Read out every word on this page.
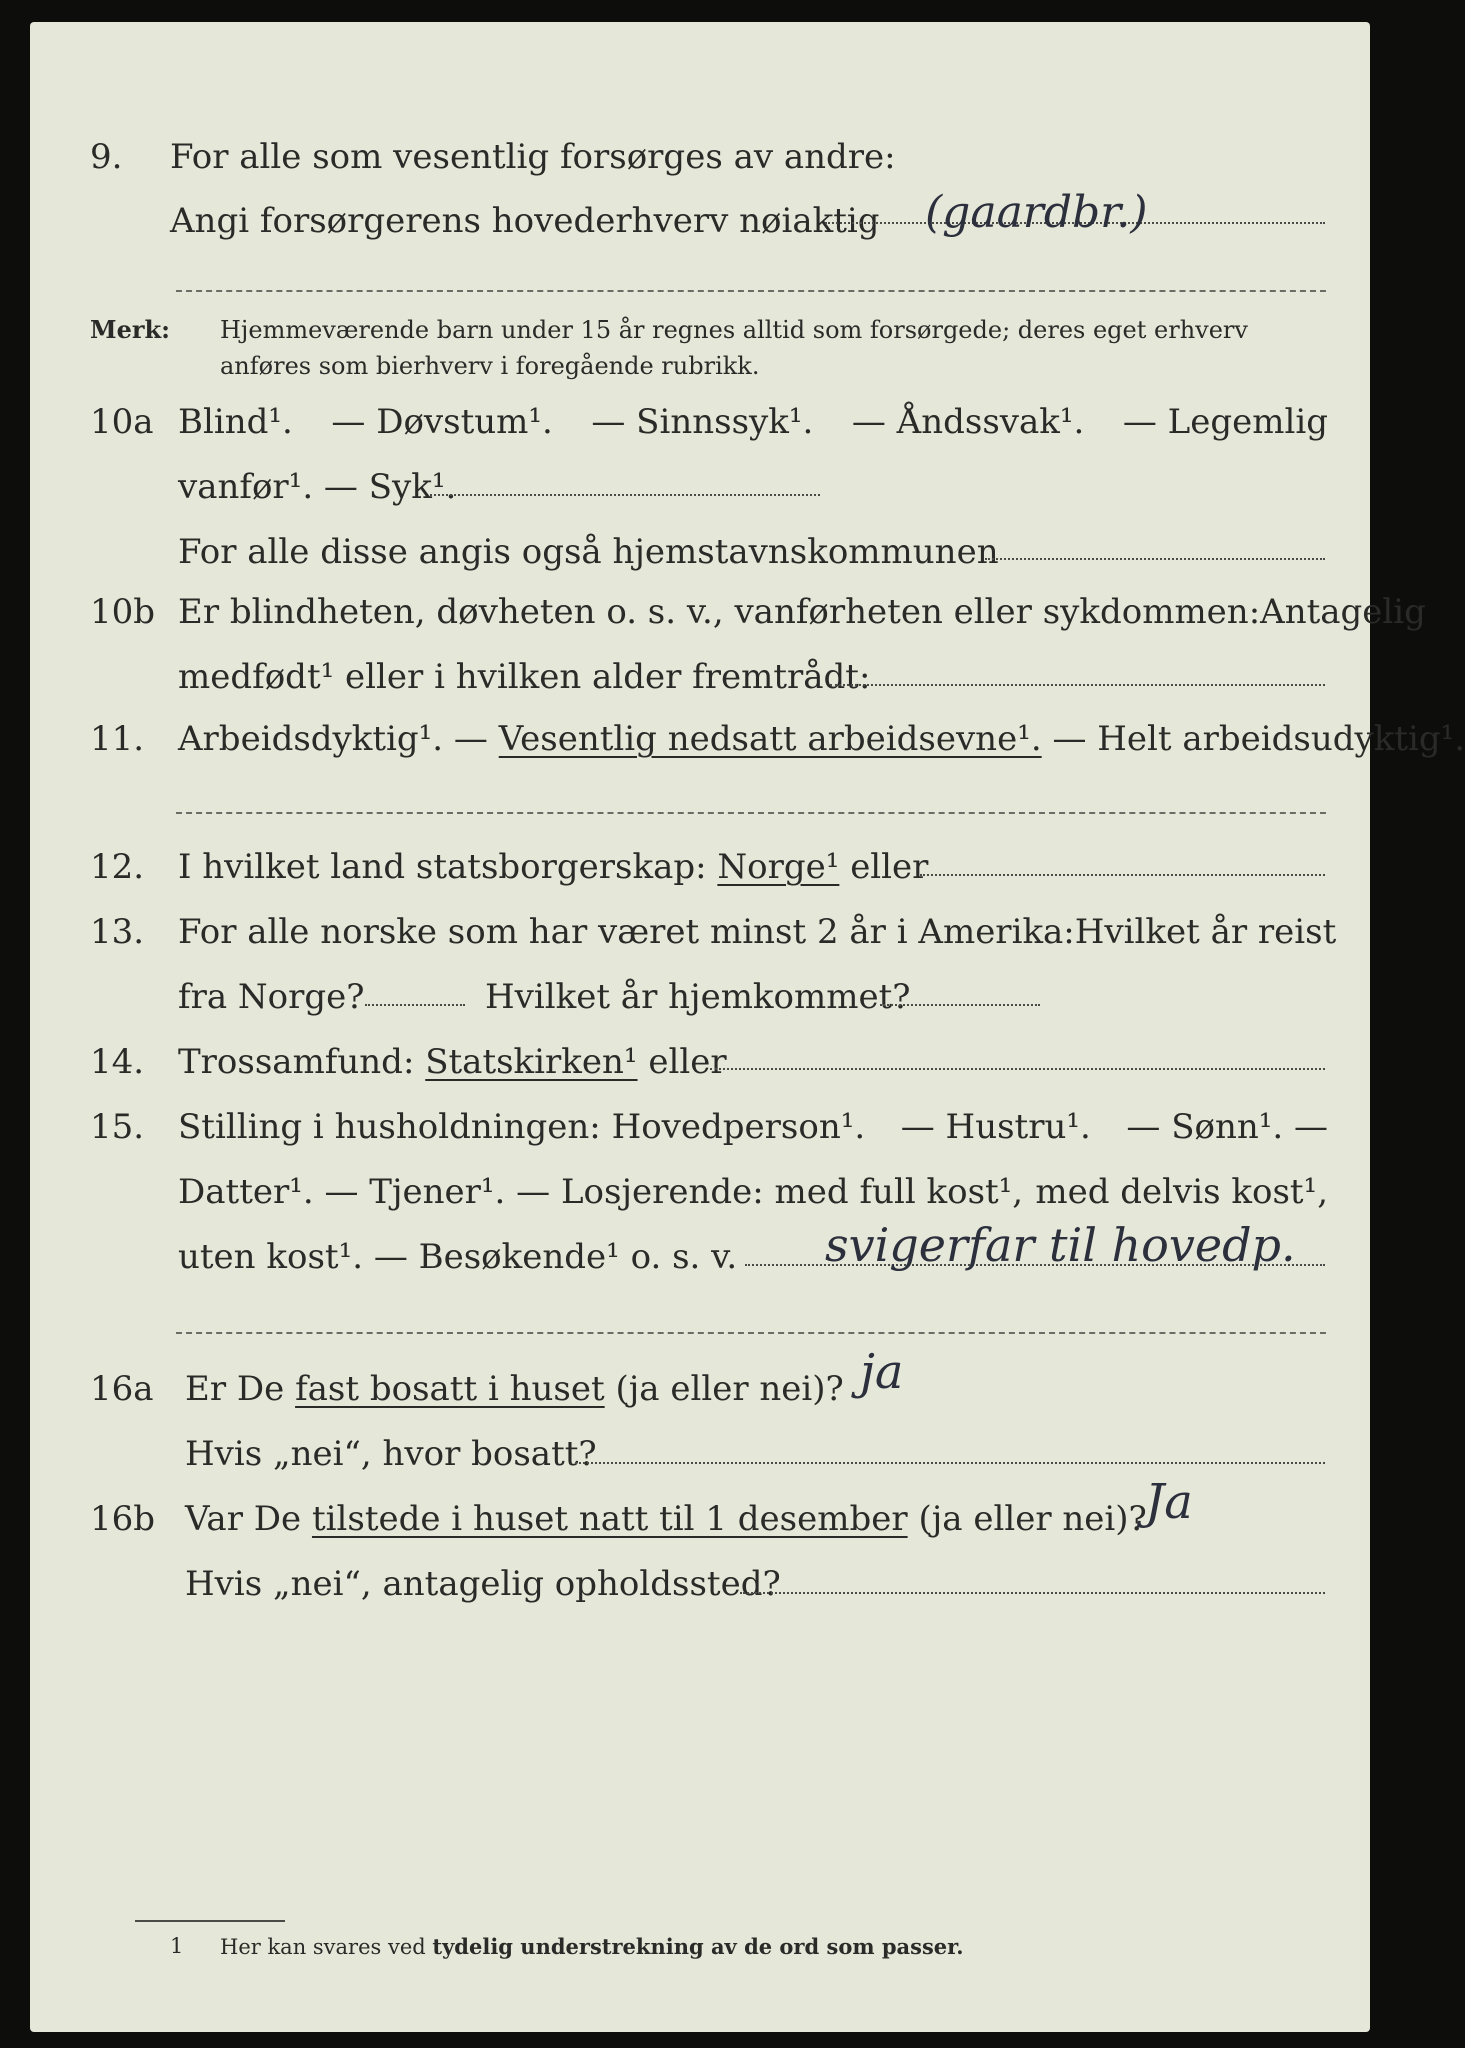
9.	For alle som vesentlig forsørges av andre:
Angi forsørgerens hovederhverv nøiaktig (gaardbr.)
Merk: Hjemmeværende barn under 15 år regnes alltid som forsørgede; deres eget erhverv
anføres som bierhverv i foregående rubrikk.
10a Blind¹. — Døvstum¹. — Sinnssyk¹. — Åndssvak¹. — Legemlig
vanfør¹. — Syk¹.
For alle disse angis også hjemstavnskommunen
10b Er blindheten, døvheten o. s. v., vanførheten eller sykdommen: Antagelig
medfødt¹ eller i hvilken alder fremtrådt:
11. Arbeidsdyktig¹. — Vesentlig nedsatt arbeidsevne¹. — Helt arbeidsudyktig¹.
12. I hvilket land statsborgerskap: Norge¹ eller
13. For alle norske som har været minst 2 år i Amerika: Hvilket år reist
fra Norge?	Hvilket år hjemkommet?
14. Trossamfund: Statskirken¹ eller
15. Stilling i husholdningen: Hovedperson¹. — Hustru¹. — Sønn¹. —
Datter¹. — Tjener¹. — Losjerende: med full kost¹, med delvis kost¹,
uten kost¹. — Besøkende¹ o. s. v. svigerfar til hovedp.
16a Er De fast bosatt i huset (ja eller nei)? ja
Hvis „nei“, hvor bosatt?
16b Var De tilstede i huset natt til 1 desember (ja eller nei)?
Ja
Hvis „nei“, antagelig opholdssted?
1 Her kan svares ved tydelig understrekning av de ord som passer.
